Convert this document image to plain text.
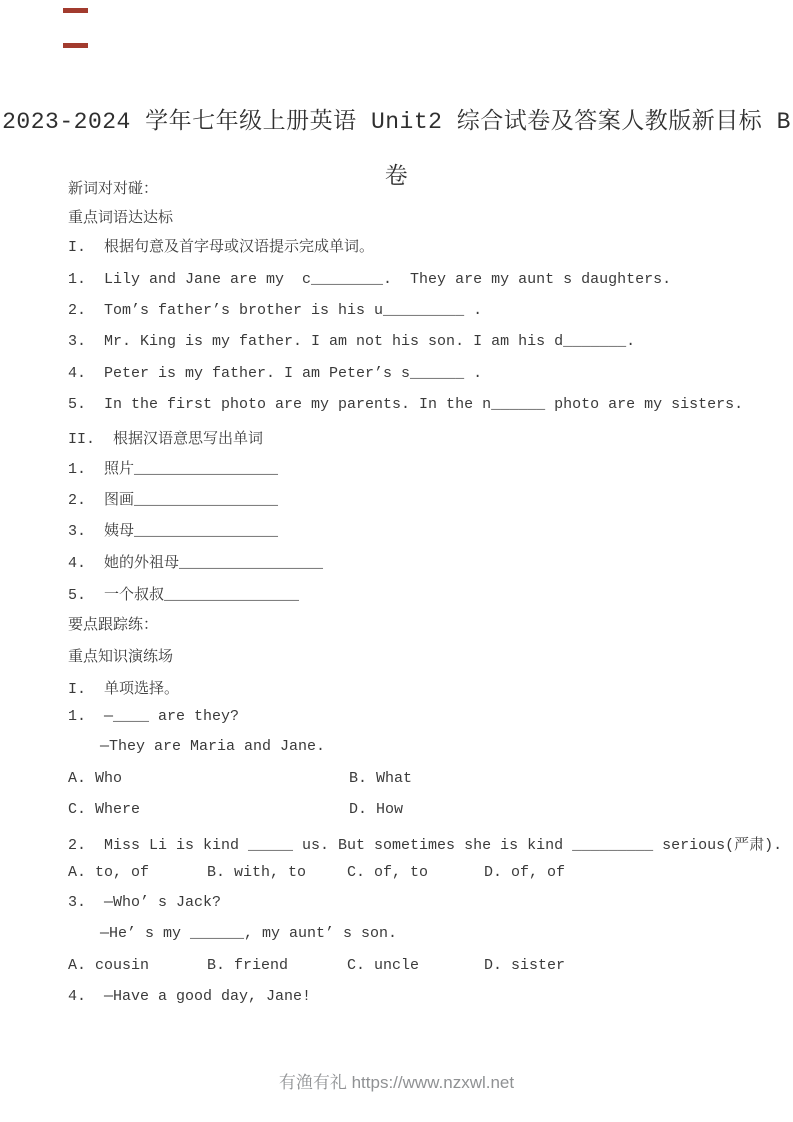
2023-2024 学年七年级上册英语 Unit2 综合试卷及答案人教版新目标 B
卷
新词对对碰：
重点词语达达标
I.  根据句意及首字母或汉语提示完成单词。
1.  Lily and Jane are my  c________.  They are my aunt s daughters.
2.  Tom’s father’s brother is his u_________ .
3.  Mr. King is my father. I am not his son. I am his d_______.
4.  Peter is my father. I am Peter’s s______ .
5.  In the first photo are my parents. In the n______ photo are my sisters.
II.  根据汉语意思写出单词
1.  照片________________
2.  图画________________
3.  姨母________________
4.  她的外祖母________________
5.  一个叔叔_______________
要点跟踪练：
重点知识演练场
I.  单项选择。
1.  —____ are they?
—They are Maria and Jane.

A. Who

	B. What

C. Where

	D. How

2.  Miss Li is kind _____ us. But sometimes she is kind _________ serious(严肃).

A. to, of

	B. with, to

	C. of, to

	D. of, of

3.  —Who’ s Jack?
—He’ s my ______, my aunt’ s son.

A. cousin

	B. friend

	C. uncle

	D. sister

4.  —Have a good day, Jane!
有渔有礼 https://www.nzxwl.net
